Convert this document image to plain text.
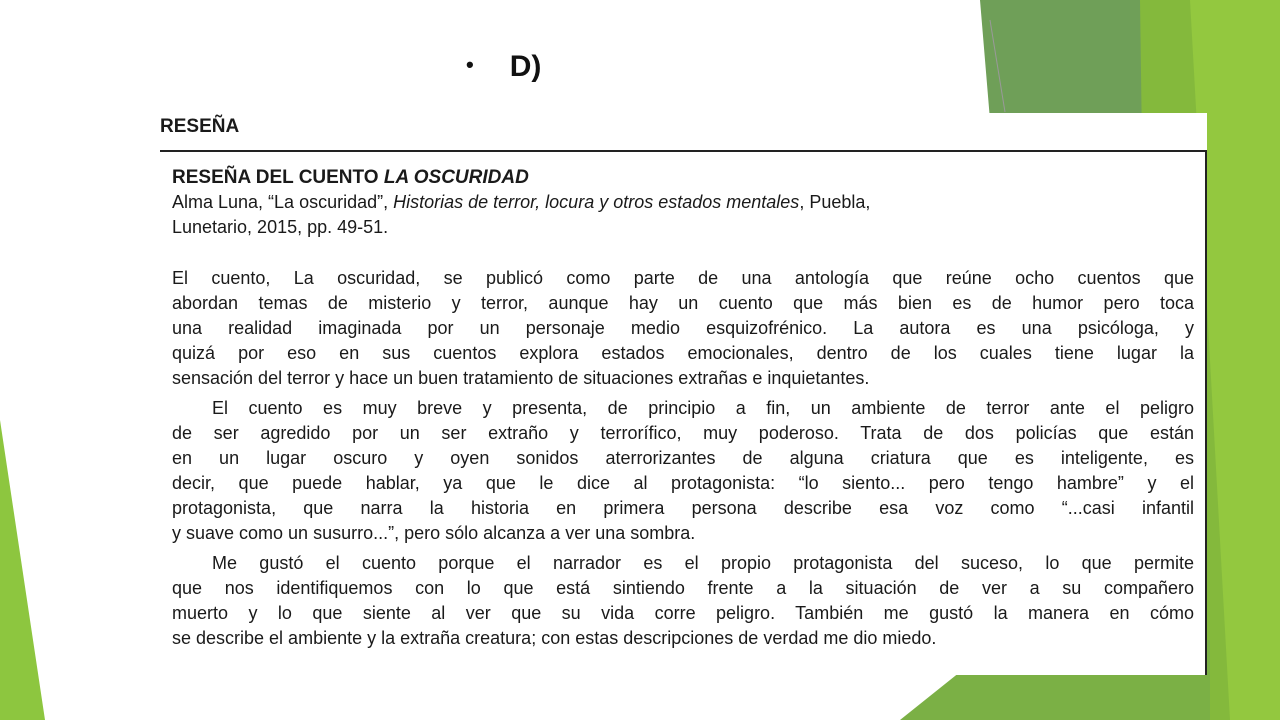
• D)
RESEÑA
RESEÑA DEL CUENTO LA OSCURIDAD
Alma Luna, “La oscuridad”, Historias de terror, locura y otros estados mentales, Puebla,
Lunetario, 2015, pp. 49-51.
El cuento, La oscuridad, se publicó como parte de una antología que reúne ocho cuentos que
abordan temas de misterio y terror, aunque hay un cuento que más bien es de humor pero toca
una realidad imaginada por un personaje medio esquizofrénico. La autora es una psicóloga, y
quizá por eso en sus cuentos explora estados emocionales, dentro de los cuales tiene lugar la
sensación del terror y hace un buen tratamiento de situaciones extrañas e inquietantes.
El cuento es muy breve y presenta, de principio a fin, un ambiente de terror ante el peligro
de ser agredido por un ser extraño y terrorífico, muy poderoso. Trata de dos policías que están
en un lugar oscuro y oyen sonidos aterrorizantes de alguna criatura que es inteligente, es
decir, que puede hablar, ya que le dice al protagonista: “lo siento... pero tengo hambre” y el
protagonista, que narra la historia en primera persona describe esa voz como “...casi infantil
y suave como un susurro...”, pero sólo alcanza a ver una sombra.
Me gustó el cuento porque el narrador es el propio protagonista del suceso, lo que permite
que nos identifiquemos con lo que está sintiendo frente a la situación de ver a su compañero
muerto y lo que siente al ver que su vida corre peligro. También me gustó la manera en cómo
se describe el ambiente y la extraña creatura; con estas descripciones de verdad me dio miedo.
